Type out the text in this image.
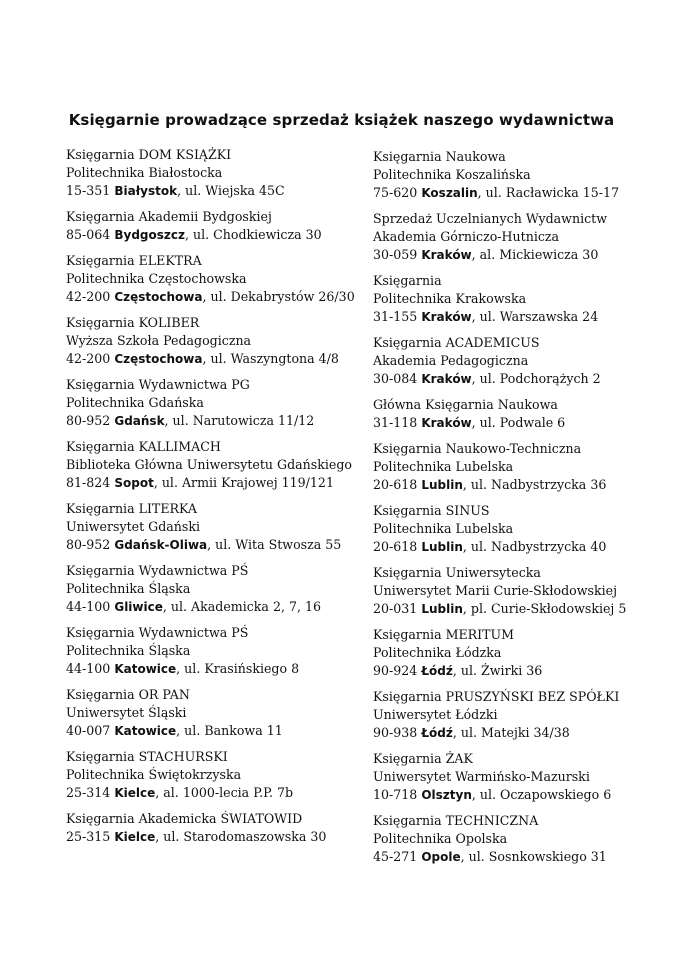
Księgarnie prowadzące sprzedaż książek naszego wydawnictwa
Księgarnia DOM KSIĄŻKI
Politechnika Białostocka
15-351 Białystok, ul. Wiejska 45C
Księgarnia Akademii Bydgoskiej
85-064 Bydgoszcz, ul. Chodkiewicza 30
Księgarnia ELEKTRA
Politechnika Częstochowska
42-200 Częstochowa, ul. Dekabrystów 26/30
Księgarnia KOLIBER
Wyższa Szkoła Pedagogiczna
42-200 Częstochowa, ul. Waszyngtona 4/8
Księgarnia Wydawnictwa PG
Politechnika Gdańska
80-952 Gdańsk, ul. Narutowicza 11/12
Księgarnia KALLIMACH
Biblioteka Główna Uniwersytetu Gdańskiego
81-824 Sopot, ul. Armii Krajowej 119/121
Księgarnia LITERKA
Uniwersytet Gdański
80-952 Gdańsk-Oliwa, ul. Wita Stwosza 55
Księgarnia Wydawnictwa PŚ
Politechnika Śląska
44-100 Gliwice, ul. Akademicka 2, 7, 16
Księgarnia Wydawnictwa PŚ
Politechnika Śląska
44-100 Katowice, ul. Krasińskiego 8
Księgarnia OR PAN
Uniwersytet Śląski
40-007 Katowice, ul. Bankowa 11
Księgarnia STACHURSKI
Politechnika Świętokrzyska
25-314 Kielce, al. 1000-lecia P.P. 7b
Księgarnia Akademicka ŚWIATOWID
25-315 Kielce, ul. Starodomaszowska 30
Księgarnia Naukowa
Politechnika Koszalińska
75-620 Koszalin, ul. Racławicka 15-17
Sprzedaż Uczelnianych Wydawnictw
Akademia Górniczo-Hutnicza
30-059 Kraków, al. Mickiewicza 30
Księgarnia
Politechnika Krakowska
31-155 Kraków, ul. Warszawska 24
Księgarnia ACADEMICUS
Akademia Pedagogiczna
30-084 Kraków, ul. Podchorążych 2
Główna Księgarnia Naukowa
31-118 Kraków, ul. Podwale 6
Księgarnia Naukowo-Techniczna
Politechnika Lubelska
20-618 Lublin, ul. Nadbystrzycka 36
Księgarnia SINUS
Politechnika Lubelska
20-618 Lublin, ul. Nadbystrzycka 40
Księgarnia Uniwersytecka
Uniwersytet Marii Curie-Skłodowskiej
20-031 Lublin, pl. Curie-Skłodowskiej 5
Księgarnia MERITUM
Politechnika Łódzka
90-924 Łódź, ul. Żwirki 36
Księgarnia PRUSZYŃSKI BEZ SPÓŁKI
Uniwersytet Łódzki
90-938 Łódź, ul. Matejki 34/38
Księgarnia ŻAK
Uniwersytet Warmińsko-Mazurski
10-718 Olsztyn, ul. Oczapowskiego 6
Księgarnia TECHNICZNA
Politechnika Opolska
45-271 Opole, ul. Sosnkowskiego 31
